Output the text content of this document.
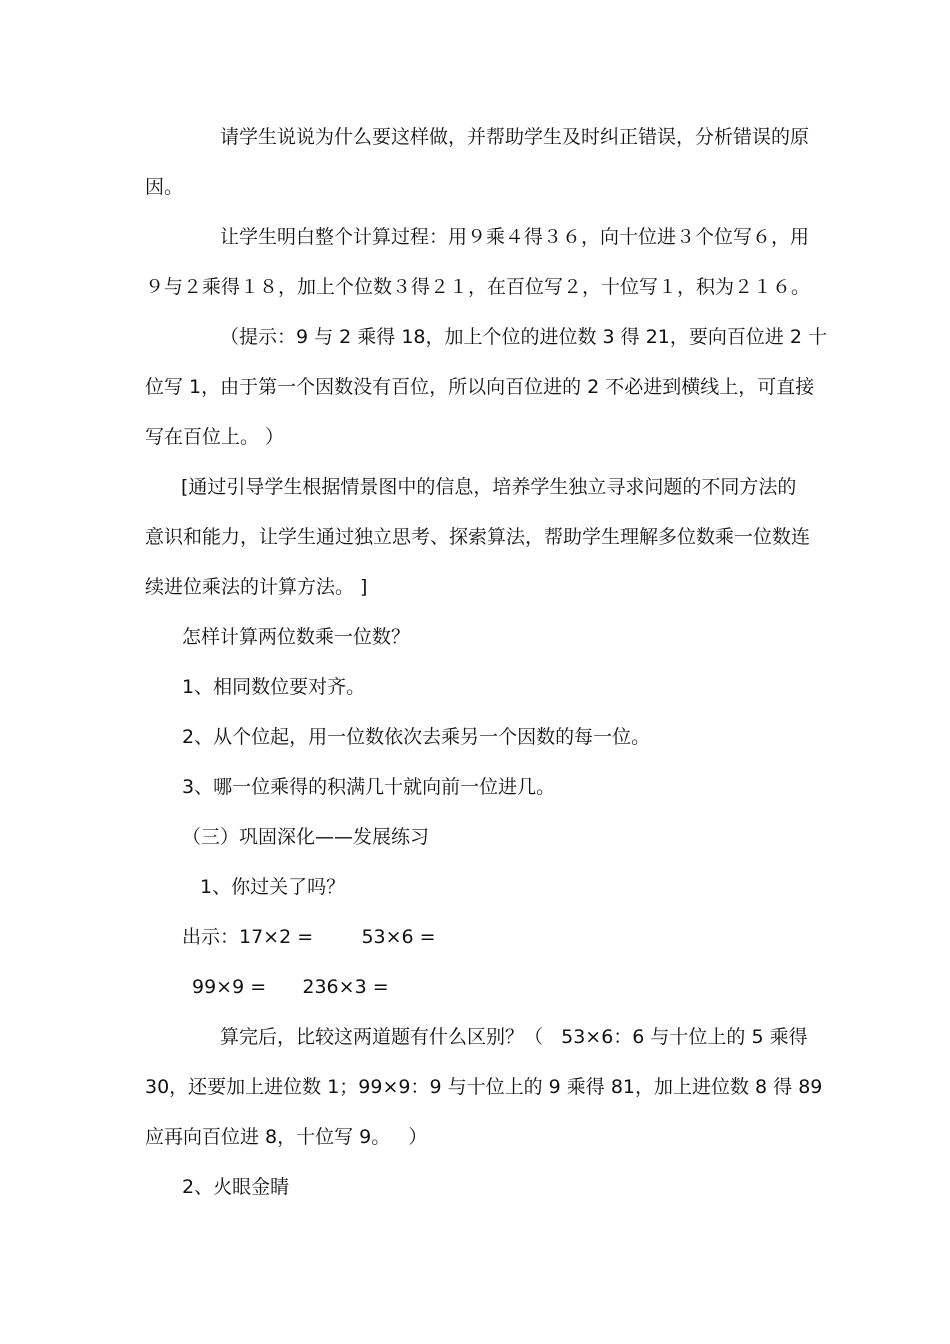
请学生说说为什么要这样做，并帮助学生及时纠正错误，分析错误的原
因。
让学生明白整个计算过程：用９乘４得３６，向十位进３个位写６，用
９与２乘得１８，加上个位数３得２１，在百位写２，十位写１，积为２１６。
（提示：9 与 2 乘得 18，加上个位的进位数 3 得 21，要向百位进 2 十
位写 1，由于第一个因数没有百位，所以向百位进的 2 不必进到横线上，可直接
写在百位上。 ）
[通过引导学生根据情景图中的信息，培养学生独立寻求问题的不同方法的
意识和能力，让学生通过独立思考、探索算法，帮助学生理解多位数乘一位数连
续进位乘法的计算方法。 ]
怎样计算两位数乘一位数？
1、相同数位要对齐。
2、从个位起，用一位数依次去乘另一个因数的每一位。
3、哪一位乘得的积满几十就向前一位进几。
（三）巩固深化——发展练习
1、你过关了吗？
出示：17×2 =        53×6 =
99×9 =      236×3 =
算完后，比较这两道题有什么区别？（   53×6：6 与十位上的 5 乘得
30，还要加上进位数 1；99×9：9 与十位上的 9 乘得 81，加上进位数 8 得 89
应再向百位进 8，十位写 9。   ）
2、火眼金睛
